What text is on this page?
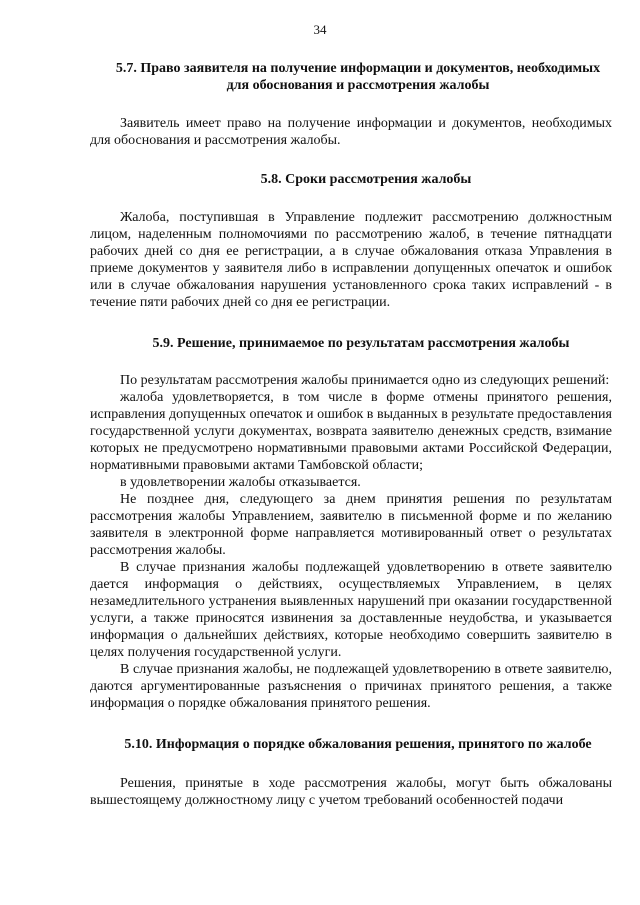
34
5.7. Право заявителя на получение информации и документов, необходимых для обоснования и рассмотрения жалобы

Заявитель имеет право на получение информации и документов, необходимых для обоснования и рассмотрения жалобы.

5.8. Сроки рассмотрения жалобы

Жалоба, поступившая в Управление подлежит рассмотрению должностным лицом, наделенным полномочиями по рассмотрению жалоб, в течение пятнадцати рабочих дней со дня ее регистрации, а в случае обжалования отказа Управления в приеме документов у заявителя либо в исправлении допущенных опечаток и ошибок или в случае обжалования нарушения установленного срока таких исправлений - в течение пяти рабочих дней со дня ее регистрации.

5.9. Решение, принимаемое по результатам рассмотрения жалобы

По результатам рассмотрения жалобы принимается одно из следующих решений:

жалоба удовлетворяется, в том числе в форме отмены принятого решения, исправления допущенных опечаток и ошибок в выданных в результате предоставления государственной услуги документах, возврата заявителю денежных средств, взимание которых не предусмотрено нормативными правовыми актами Российской Федерации, нормативными правовыми актами Тамбовской области;

в удовлетворении жалобы отказывается.

Не позднее дня, следующего за днем принятия решения по результатам рассмотрения жалобы Управлением, заявителю в письменной форме и по желанию заявителя в электронной форме направляется мотивированный ответ о результатах рассмотрения жалобы.

В случае признания жалобы подлежащей удовлетворению в ответе заявителю дается информация о действиях, осуществляемых Управлением, в целях незамедлительного устранения выявленных нарушений при оказании государственной услуги, а также приносятся извинения за доставленные неудобства, и указывается информация о дальнейших действиях, которые необходимо совершить заявителю в целях получения государственной услуги.

В случае признания жалобы, не подлежащей удовлетворению в ответе заявителю, даются аргументированные разъяснения о причинах принятого решения, а также информация о порядке обжалования принятого решения.

5.10. Информация о порядке обжалования решения, принятого по жалобе

Решения, принятые в ходе рассмотрения жалобы, могут быть обжалованы вышестоящему должностному лицу с учетом требований особенностей подачи
